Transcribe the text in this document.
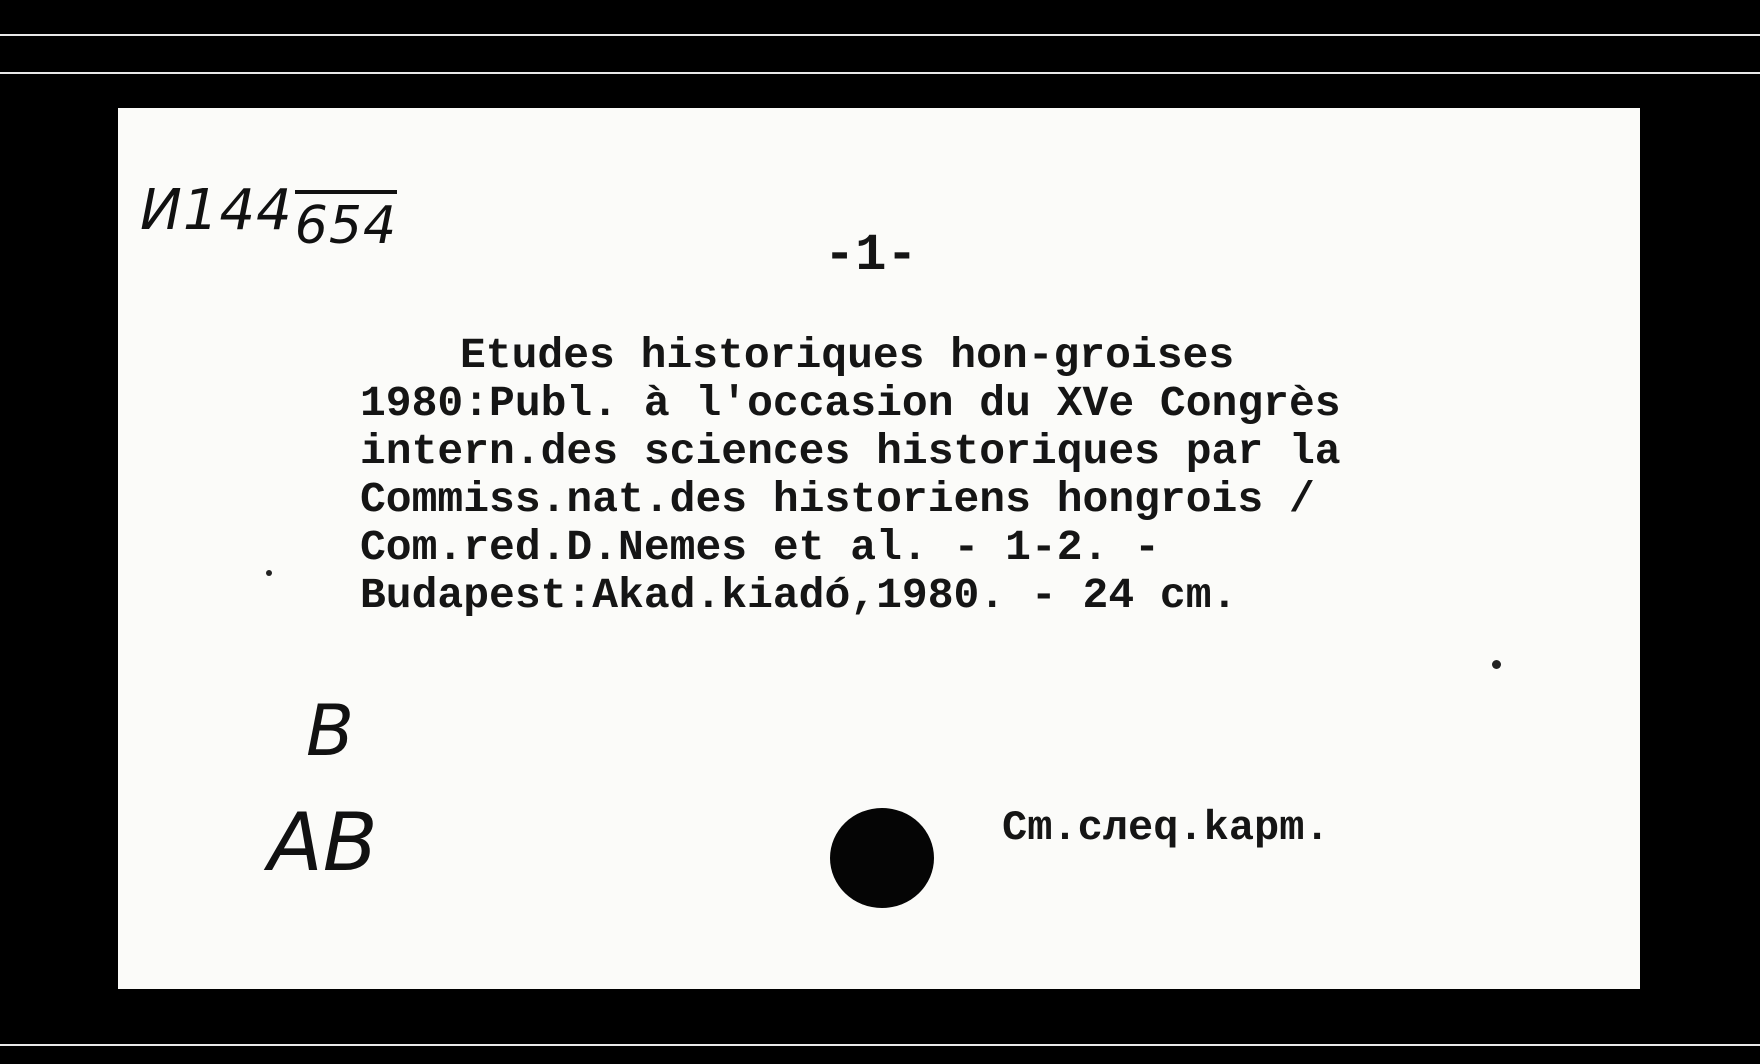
И144654	-1-
Etudes historiques hon-groises
1980:Publ. à l'occasion du XVe Congrès
intern.des sciences historiques par la
Commiss.nat.des historiens hongrois /
Com.red.D.Nemes et al. - 1-2. -
Budapest:Akad.kiadó,1980. - 24 cm.
B
AB	Cm.cлeq.kapm.
